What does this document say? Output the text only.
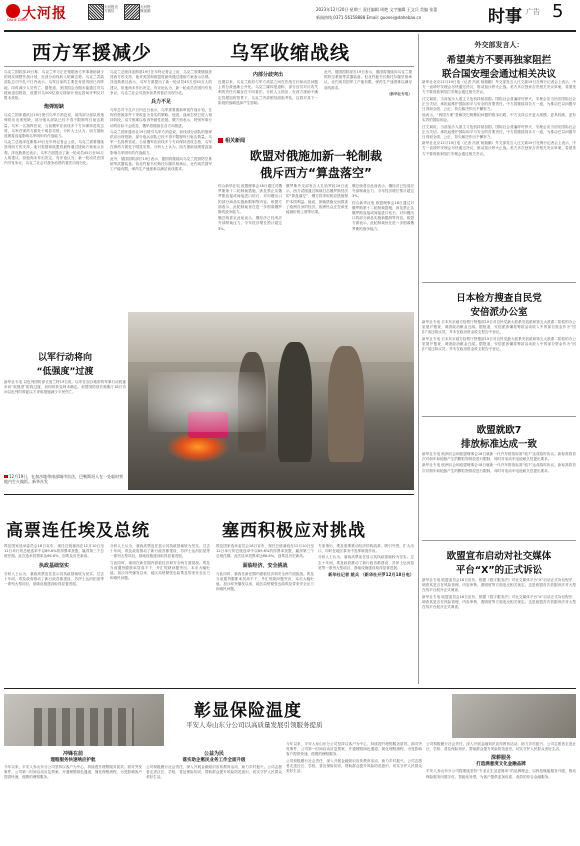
大河报
DAHE DAILY
大河报官方微信
大河报·豫视频	2023年12月20日 星期三 责任编辑 周艳 文字编辑 王文兵 美编 张蕾
新闻热线 0371-56158888 Email: guonei@dahebao.cn	时事 广告 5
西方军援减少	乌军收缩战线

乌克兰国防部19日称，乌克兰军方正在根据西方军事援助减少的现实调整作战计划，在部分前线转入防御态势。乌克兰武装部队总司令扎卢日内表示，乌军目前的主要任务是巩固已有阵地，同时减少人员伤亡。据报道，美国国会近期未能通过对乌援助追加拨款，欧盟对乌500亿欧元援助计划也因匈牙利反对暂未获批。

炮弹短缺

乌克兰国家通讯社19日援引乌军方消息说，前线部分部队的炮弹供应出现短缺，部分炮兵部队已经不得不限制每日射击数量。乌军一名指挥官说，当前俄军在前线多个方向保持进攻态势，乌军在弹药方面处于明显劣势。分析人士认为，西方援助放缓将直接影响乌军明年的作战能力。

乌克兰总统泽连斯基19日在年终记者会上说，乌克兰需要继续获得西方的支持，他对美国和欧盟将最终通过援助方案表示乐观。泽连斯基还表示，乌军方面提出了新一轮动员45万至50万人的建议，但他尚未作出决定。有评论认为，新一轮动员在国内引发争议，乌克兰社会对战争前景的看法出现分化。

乌克兰总统泽连斯基19日在年终记者会上说，乌克兰需要继续获得西方的支持，他对美国和欧盟将最终通过援助方案表示乐观。泽连斯基还表示，乌军方面提出了新一轮动员45万至50万人的建议，但他尚未作出决定。有评论认为，新一轮动员在国内引发争议，乌克兰社会对战争前景的看法出现分化。

兵力不足

乌军总司令扎卢日内近日表示，乌军需要重新审视作战计划，在现有资源条件下采取更为务实的策略。他说，战场态势已进入相持阶段，双方都难以取得突破性进展。俄方则表示，特别军事行动的目标不会改变，俄军将继续在各方向推进。

乌克兰国家通讯社19日援引乌军方消息说，前线部分部队的炮弹供应出现短缺，部分炮兵部队已经不得不限制每日射击数量。乌军一名指挥官说，当前俄军在前线多个方向保持进攻态势，乌军在弹药方面处于明显劣势。分析人士认为，西方援助放缓将直接影响乌军明年的作战能力。

此外，德国国防部长19日表示，德国将继续向乌克兰提供防空系统等武器装备。但北约秘书长斯托尔滕贝格承认，北约成员国军工产能有限，弹药生产速度难以满足前线需求。

内部分歧突出

近期以来，乌克兰政府与军方高层之间在作战方针和动员问题上的分歧逐渐公开化。乌克兰媒体报道称，部分官员对反攻失利的责任归属存在不同看法。分析人士指出，在西方援助不确定性增加的背景下，乌克兰内部团结面临考验，这将对其下一阶段的战略选择产生影响。

此外，德国国防部长19日表示，德国将继续向乌克兰提供防空系统等武器装备。但北约秘书长斯托尔滕贝格承认，北约成员国军工产能有限，弹药生产速度难以满足前线需求。

（新华社专电）

相关新闻
欧盟对俄施加新一轮制裁
俄斥西方“算盘落空”

综合新华社电 欧盟理事会18日通过对俄罗斯第十二轮制裁措施，涉及禁止从俄罗斯直接或间接进口钻石、对向俄出口的部分商品实施新限制等内容。欧盟方面表示，此轮制裁旨在进一步削弱俄罗斯的战争能力。

俄总统普京此前表示，俄经济已经适应外部制裁压力，今年经济增长预计超过3%。

俄罗斯外交部发言人扎哈罗娃19日表示，西方试图通过制裁打击俄罗斯经济的“算盘落空”，俄方将采取相应措施保护本国利益。她说，制裁措施反而损害了欧洲自身的经济，欧洲民众正在承受能源价格上涨等后果。

俄总统普京此前表示，俄经济已经适应外部制裁压力，今年经济增长预计超过3%。

综合新华社电 欧盟理事会18日通过对俄罗斯第十二轮制裁措施，涉及禁止从俄罗斯直接或间接进口钻石、对向俄出口的部分商品实施新限制等内容。欧盟方面表示，此轮制裁旨在进一步削弱俄罗斯的战争能力。

以军行动将向
“低强度”过渡

新华社专电 以色列国防部长加兰特19日说，以军在加沙地带的军事行动将逐步向“低强度”阶段过渡，但何时转变尚未确定。美国国防部长奥斯汀18日访问以色列时敦促以方采取措施减少平民伤亡。

12月19日，在加沙地带南部城市拉法，巴勒斯坦人在一处临时营地内生火做饭。新华社发
高票连任埃及总统	塞西积极应对挑战

埃及国家选举委员会18日宣布，现任总统塞西在12月10日至12日举行的总统选举中以89.6%的得票率获胜，赢得第三个总统任期。此次选举投票率达66.8%，创埃及历史新高。

执政基础坚实

分析人士认为，塞西高票连任显示其执政基础较为坚实。过去十年间，埃及政府推动了新行政首都建设、苏伊士运河拓宽等一系列大型项目，基础设施建设取得显著进展。

分析人士认为，塞西高票连任显示其执政基础较为坚实。过去十年间，埃及政府推动了新行政首都建设、苏伊士运河拓宽等一系列大型项目，基础设施建设取得显著进展。

与此同时，塞西在新任期内面临经济和安全两方面挑战。埃及当前通货膨胀率居高不下，外汇短缺问题突出，本币大幅贬值。加沙冲突爆发以来，地区局势紧张也给埃及带来安全压力和难民问题。

埃及国家选举委员会18日宣布，现任总统塞西在12月10日至12日举行的总统选举中以89.6%的得票率获胜，赢得第三个总统任期。此次选举投票率达66.8%，创埃及历史新高。

面临经济、安全挑战

与此同时，塞西在新任期内面临经济和安全两方面挑战。埃及当前通货膨胀率居高不下，外汇短缺问题突出，本币大幅贬值。加沙冲突爆发以来，地区局势紧张也给埃及带来安全压力和难民问题。

专家指出，埃及需要推动经济结构改革，吸引外资，扩大出口，同时在地区事务中发挥斡旋作用。

分析人士认为，塞西高票连任显示其执政基础较为坚实。过去十年间，埃及政府推动了新行政首都建设、苏伊士运河拓宽等一系列大型项目，基础设施建设取得显著进展。

新华社记者 姚兵 （新华社开罗12月18日电）

外交部发言人：
希望美方不要再独家阻拦
联合国安理会通过相关决议

新华社北京12月19日电（记者 冯歆 杨瑞鹏）外交部发言人汪文斌19日在例行记者会上表示，中方一直呼吁安理会尽快通过决议，推动加沙停火止战。美方多次独家否决相关决议草案，希望美方不要再独家阻拦安理会通过相关决议。

汪文斌说，当前加沙人道主义危机持续加剧。国际社会普遍呼吁停火，安理会应当回应国际社会正当关切，承担起维护国际和平与安全的首要责任。中方将继续同各方一道，为推动巴以问题早日得到全面、公正、持久解决作出不懈努力。

他表示，“两国方案”是解决巴勒斯坦问题的根本出路，中方支持召开更大规模、更具权威、更有实效的国际和会。

汪文斌说，当前加沙人道主义危机持续加剧。国际社会普遍呼吁停火，安理会应当回应国际社会正当关切，承担起维护国际和平与安全的首要责任。中方将继续同各方一道，为推动巴以问题早日得到全面、公正、持久解决作出不懈努力。

新华社北京12月19日电（记者 冯歆 杨瑞鹏）外交部发言人汪文斌19日在例行记者会上表示，中方一直呼吁安理会尽快通过决议，推动加沙停火止战。美方多次独家否决相关决议草案，希望美方不要再独家阻拦安理会通过相关决议。

日本检方搜查自民党
安倍派办公室

新华社专电 日本东京地方检察厅特搜部19日对自民党最大派系安倍派和第五大派系二阶派的办公室展开搜查，调查政治献金丑闻。据报道，安倍派涉嫌将筹款活动收入中的部分资金作为“回扣”返还给议员，并未在政治资金收支报告中登记。

新华社专电 日本东京地方检察厅特搜部19日对自民党最大派系安倍派和第五大派系二阶派的办公室展开搜查，调查政治献金丑闻。据报道，安倍派涉嫌将筹款活动收入中的部分资金作为“回扣”返还给议员，并未在政治资金收支报告中登记。

欧盟就欧7
排放标准达成一致

新华社专电 欧洲议会和欧盟理事会18日就新一代汽车排放标准“欧7”达成临时协议。新标准将首次对刹车和轮胎产生的颗粒物排放进行限制，同时对电动车电池耐久性提出要求。

新华社专电 欧洲议会和欧盟理事会18日就新一代汽车排放标准“欧7”达成临时协议。新标准将首次对刹车和轮胎产生的颗粒物排放进行限制，同时对电动车电池耐久性提出要求。

欧盟宣布启动对社交媒体
平台“X”的正式诉讼

新华社专电 欧盟委员会18日宣布，根据《数字服务法》对社交媒体平台“X”启动正式诉讼程序，调查其是否在风险管理、内容审核、透明度等方面违反相关规定。这是欧盟首次依据该法对大型在线平台展开正式调查。

新华社专电 欧盟委员会18日宣布，根据《数字服务法》对社交媒体平台“X”启动正式诉讼程序，调查其是否在风险管理、内容审核、透明度等方面违反相关规定。这是欧盟首次依据该法对大型在线平台展开正式调查。

彰显保险温度
平安人寿山东分公司以高质量发展引领服务提质
冲锋在前
理赔服务快速响应护航
今年以来，平安人寿山东分公司坚持以客户为中心，持续提升理赔服务质效。面对突发事件，公司第一时间启动应急预案，开通理赔绿色通道，简化理赔流程，为受影响客户提供快速、便捷的理赔服务。
公益为民
落实助企惠民业务工作全面升级
公司积极履行社会责任，深入开展金融知识宣传教育活动，助力乡村振兴。公司志愿者走进社区、学校，普及保险知识，帮助群众提升风险防范意识，切实守护人民群众美好生活。

今年以来，平安人寿山东分公司坚持以客户为中心，持续提升理赔服务质效。面对突发事件，公司第一时间启动应急预案，开通理赔绿色通道，简化理赔流程，为受影响客户提供快速、便捷的理赔服务。

公司积极履行社会责任，深入开展金融知识宣传教育活动，助力乡村振兴。公司志愿者走进社区、学校，普及保险知识，帮助群众提升风险防范意识，切实守护人民群众美好生活。

公司积极履行社会责任，深入开展金融知识宣传教育活动，助力乡村振兴。公司志愿者走进社区、学校，普及保险知识，帮助群众提升风险防范意识，切实守护人民群众美好生活。
深耕服务
打造满意度文化金融品牌
平安人寿山东分公司将继续坚持“专业让生活更简单”的品牌理念，以科技赋能服务升级，推动保险服务向数字化、智能化转型，为客户提供更加优质、高效的综合金融服务。
